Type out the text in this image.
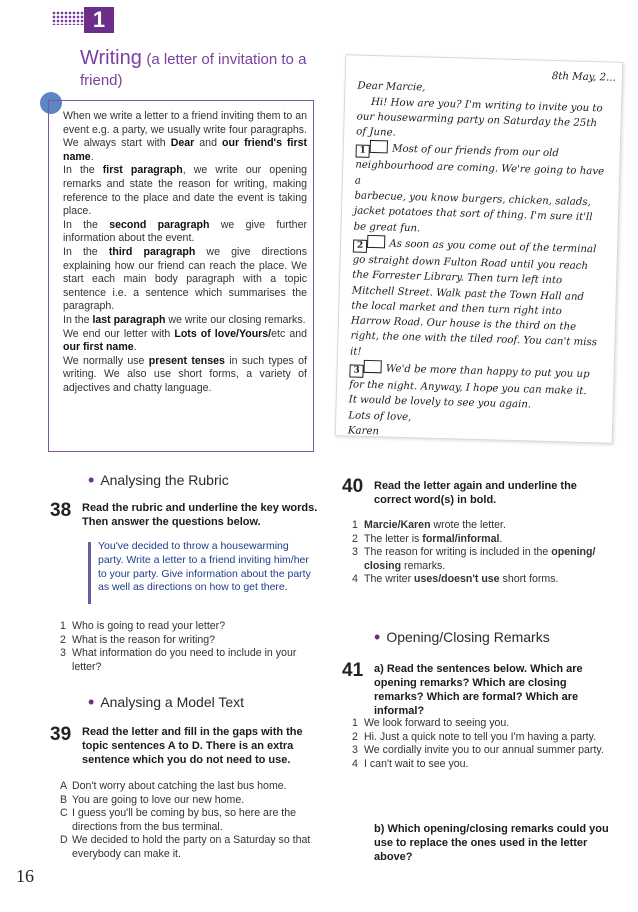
1
Writing (a letter of invitation to a friend)

When we write a letter to a friend inviting them to an event e.g. a party, we usually write four paragraphs. We always start with Dear and our friend's first name.

In the first paragraph, we write our opening remarks and state the reason for writing, making reference to the place and date the event is taking place.

In the second paragraph we give further information about the event.

In the third paragraph we give directions explaining how our friend can reach the place. We start each main body paragraph with a topic sentence i.e. a sentence which summarises the paragraph.

In the last paragraph we write our closing remarks.

We end our letter with Lots of love/Yours/etc and our first name.

We normally use present tenses in such types of writing. We also use short forms, a variety of adjectives and chatty language.

8th May, 2...
Dear Marcie,
Hi! How are you? I'm writing to invite you to
our housewarming party on Saturday the 25th
of June.
1	Most of our friends from our old
neighbourhood are coming. We're going to have a
barbecue, you know burgers, chicken, salads,
jacket potatoes that sort of thing. I'm sure it'll
be great fun.
2	As soon as you come out of the terminal
go straight down Fulton Road until you reach
the Forrester Library. Then turn left into
Mitchell Street. Walk past the Town Hall and
the local market and then turn right into
Harrow Road. Our house is the third on the
right, the one with the tiled roof. You can't miss
it!
3	We'd be more than happy to put you up
for the night. Anyway, I hope you can make it.
It would be lovely to see you again.
Lots of love,
Karen
• Analysing the Rubric
38 Read the rubric and underline the key words. Then answer the questions below.
You've decided to throw a housewarming party. Write a letter to a friend inviting him/her to your party. Give information about the party as well as directions on how to get there.
1 Who is going to read your letter?
2 What is the reason for writing?
3 What information do you need to include in your letter?
• Analysing a Model Text
39 Read the letter and fill in the gaps with the topic sentences A to D. There is an extra sentence which you do not need to use.
A Don't worry about catching the last bus home.
B You are going to love our new home.
C I guess you'll be coming by bus, so here are the directions from the bus terminal.
D We decided to hold the party on a Saturday so that everybody can make it.
40 Read the letter again and underline the correct word(s) in bold.
1 Marcie/Karen wrote the letter.
2 The letter is formal/informal.
3 The reason for writing is included in the opening/ closing remarks.
4 The writer uses/doesn't use short forms.
• Opening/Closing Remarks
41 a) Read the sentences below. Which are opening remarks? Which are closing remarks? Which are formal? Which are informal?
1 We look forward to seeing you.
2 Hi. Just a quick note to tell you I'm having a party.
3 We cordially invite you to our annual summer party.
4 I can't wait to see you.
b) Which opening/closing remarks could you use to replace the ones used in the letter above?
16
